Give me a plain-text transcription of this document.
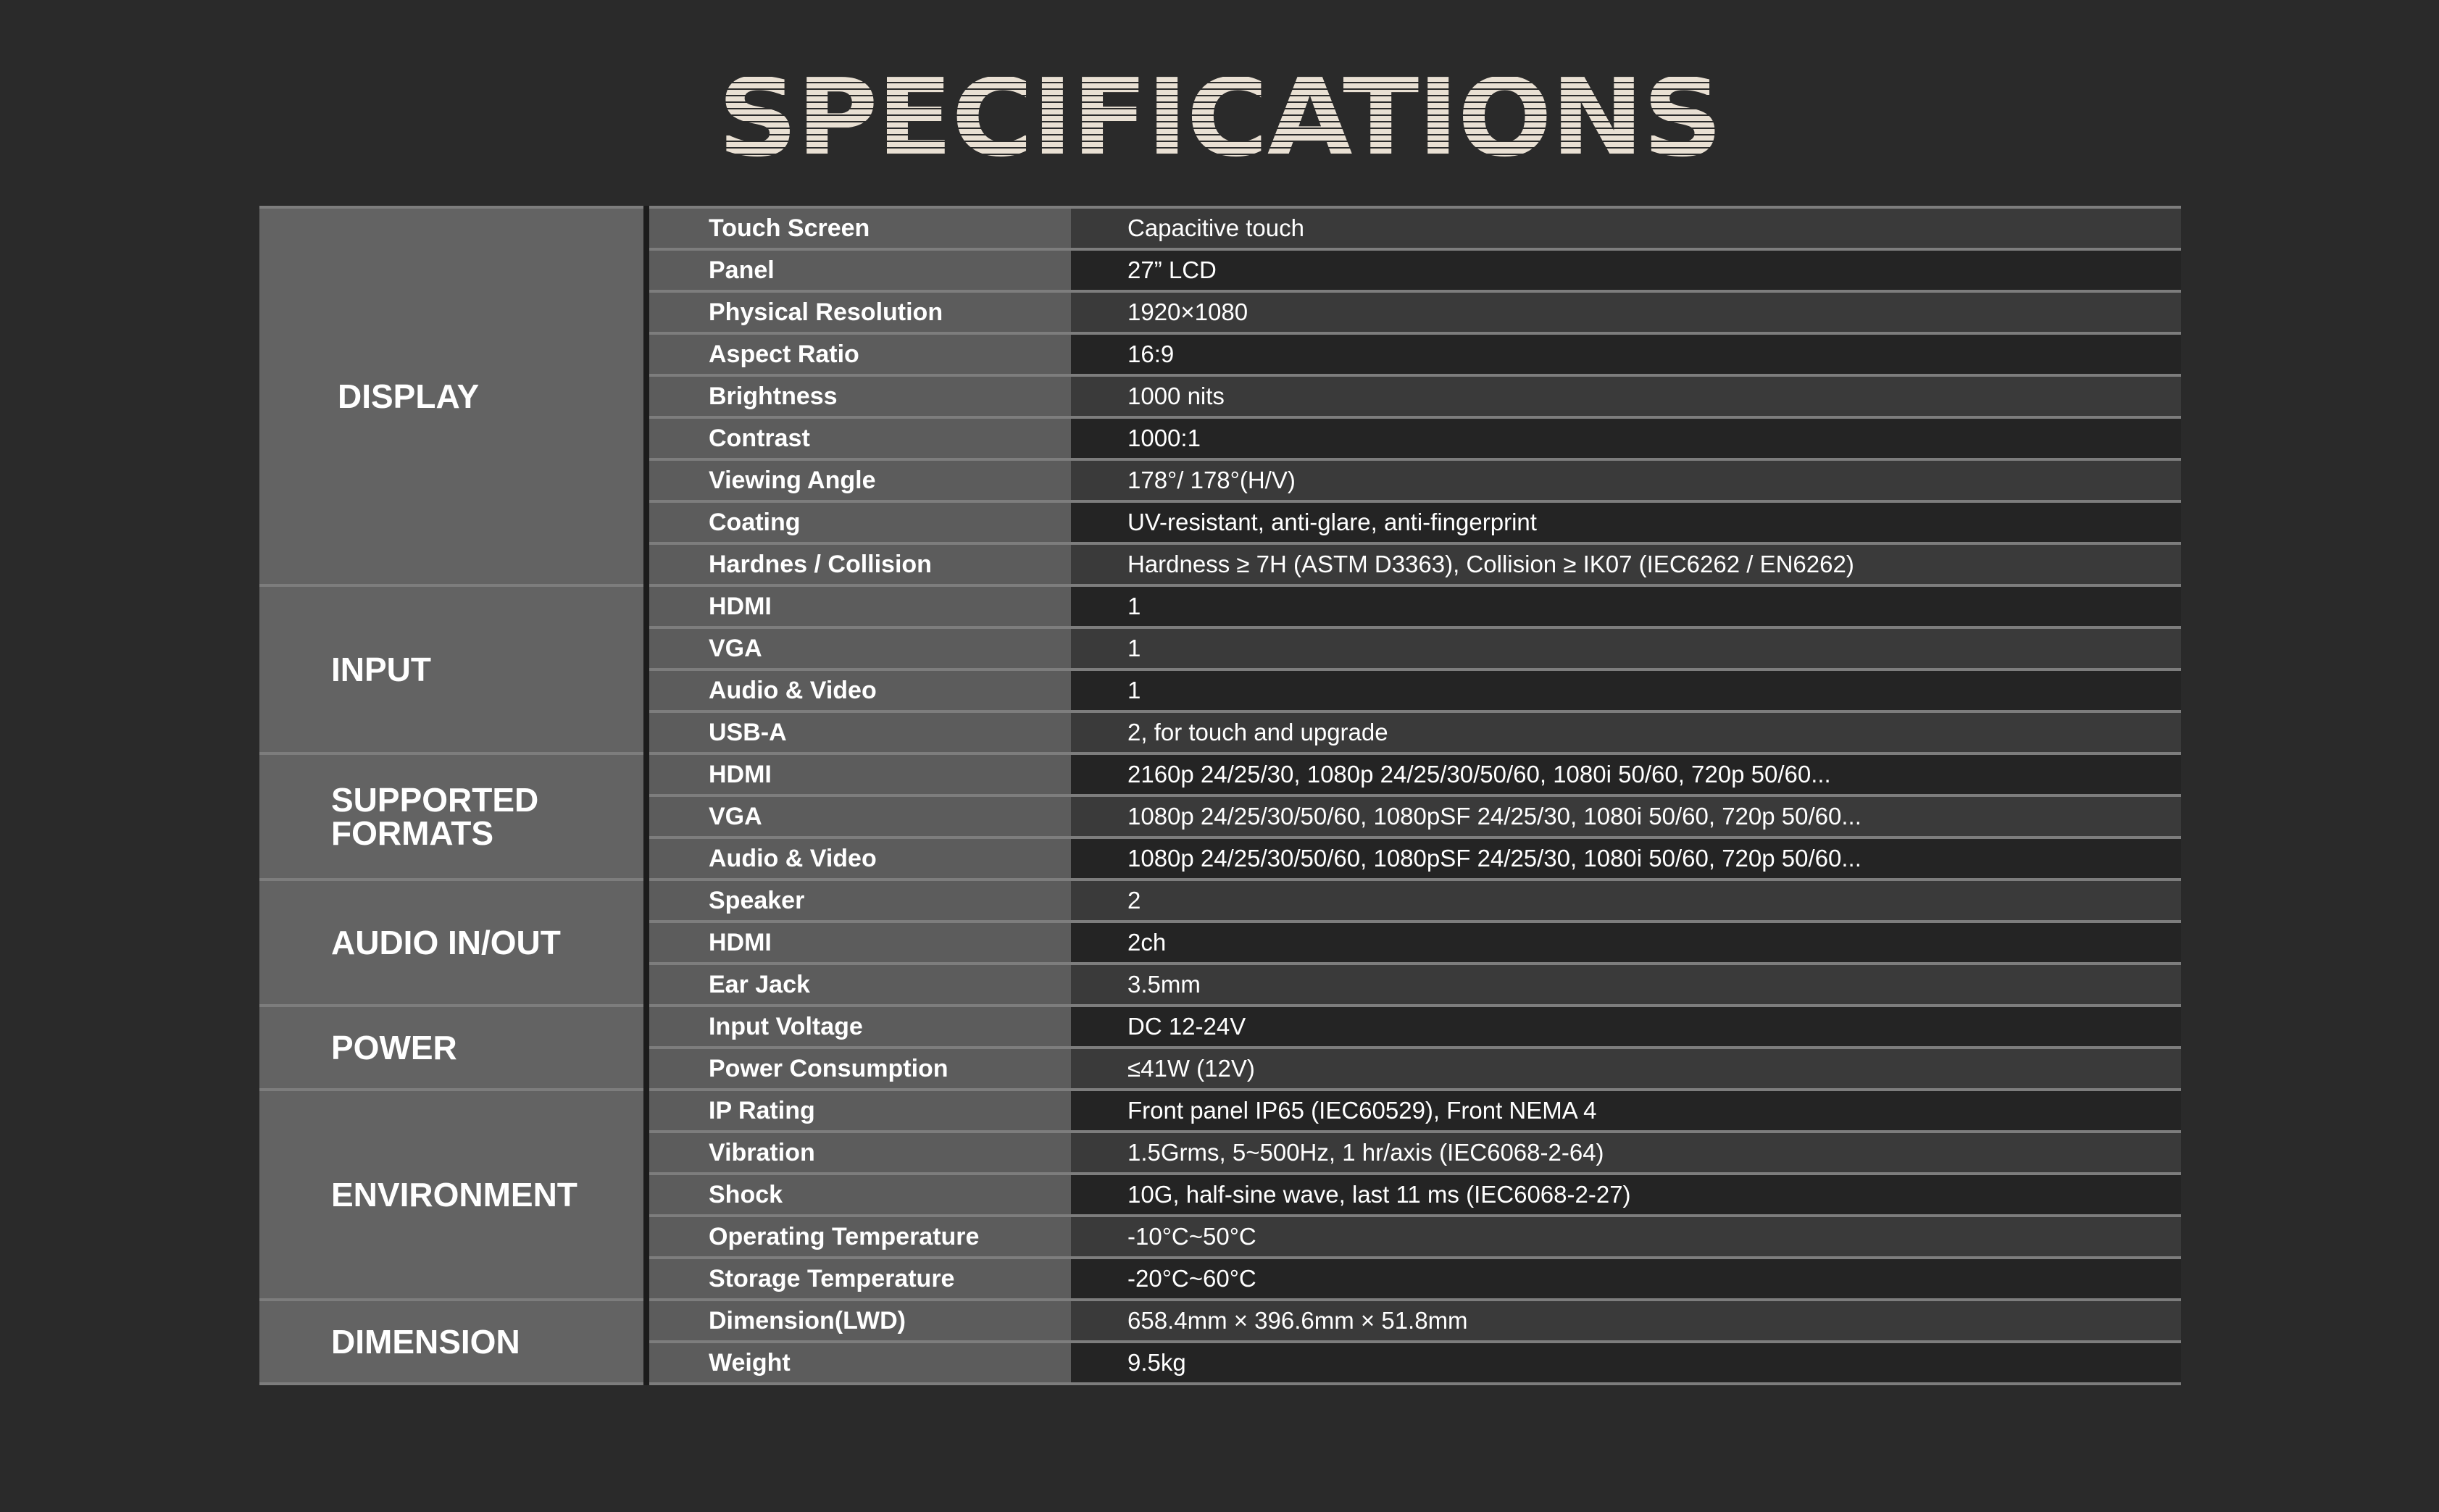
SPECIFICATIONS
DISPLAY	Touch Screen	Capacitive touch
	Panel	27” LCD
	Physical Resolution	1920×1080
	Aspect Ratio	16:9
	Brightness	1000 nits
	Contrast	1000:1
	Viewing Angle	178°/ 178°(H/V)
	Coating	UV-resistant, anti-glare, anti-fingerprint
	Hardnes / Collision	Hardness ≥ 7H (ASTM D3363), Collision ≥ IK07 (IEC6262 / EN6262)

INPUT	HDMI	1
	VGA	1
	Audio & Video	1
	USB-A	2, for touch and upgrade

SUPPORTED
FORMATS	HDMI	2160p 24/25/30, 1080p 24/25/30/50/60, 1080i 50/60, 720p 50/60...
	VGA	1080p 24/25/30/50/60, 1080pSF 24/25/30, 1080i 50/60, 720p 50/60...
	Audio & Video	1080p 24/25/30/50/60, 1080pSF 24/25/30, 1080i 50/60, 720p 50/60...

AUDIO IN/OUT	Speaker	2
	HDMI	2ch
	Ear Jack	3.5mm

POWER	Input Voltage	DC 12-24V
	Power Consumption	≤41W (12V)

ENVIRONMENT	IP Rating	Front panel IP65 (IEC60529), Front NEMA 4
	Vibration	1.5Grms, 5~500Hz, 1 hr/axis (IEC6068-2-64)
	Shock	10G, half-sine wave, last 11 ms (IEC6068-2-27)
	Operating Temperature	-10°C~50°C
	Storage Temperature	-20°C~60°C

DIMENSION	Dimension(LWD)	658.4mm × 396.6mm × 51.8mm
	Weight	9.5kg
